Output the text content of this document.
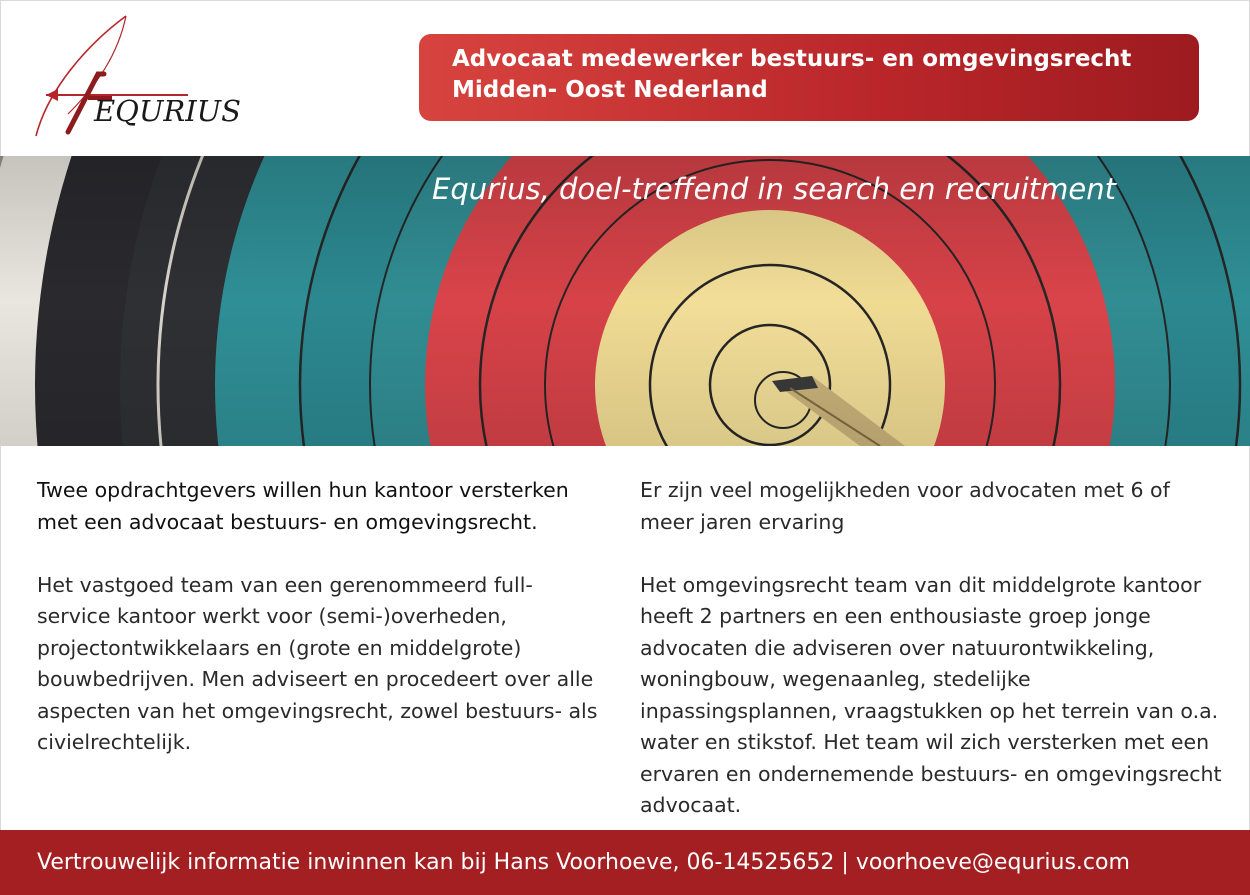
EQURIUS
Advocaat medewerker bestuurs- en omgevingsrecht
Midden- Oost Nederland
Equrius, doel-treffend in search en recruitment

Twee opdrachtgevers willen hun kantoor versterken met een advocaat bestuurs- en omgevingsrecht.

Het vastgoed team van een gerenommeerd full-service kantoor werkt voor (semi-)overheden, projectontwikkelaars en (grote en middelgrote) bouwbedrijven. Men adviseert en procedeert over alle aspecten van het omgevingsrecht, zowel bestuurs- als civielrechtelijk.

Er zijn veel mogelijkheden voor advocaten met 6 of meer jaren ervaring

Het omgevingsrecht team van dit middelgrote kantoor heeft 2 partners en een enthousiaste groep jonge advocaten die adviseren over natuurontwikkeling, woningbouw, wegenaanleg, stedelijke inpassingsplannen, vraagstukken op het terrein van o.a. water en stikstof. Het team wil zich versterken met een ervaren en ondernemende bestuurs- en omgevingsrecht advocaat.

Vertrouwelijk informatie inwinnen kan bij Hans Voorhoeve, 06-14525652 | voorhoeve@equrius.com
